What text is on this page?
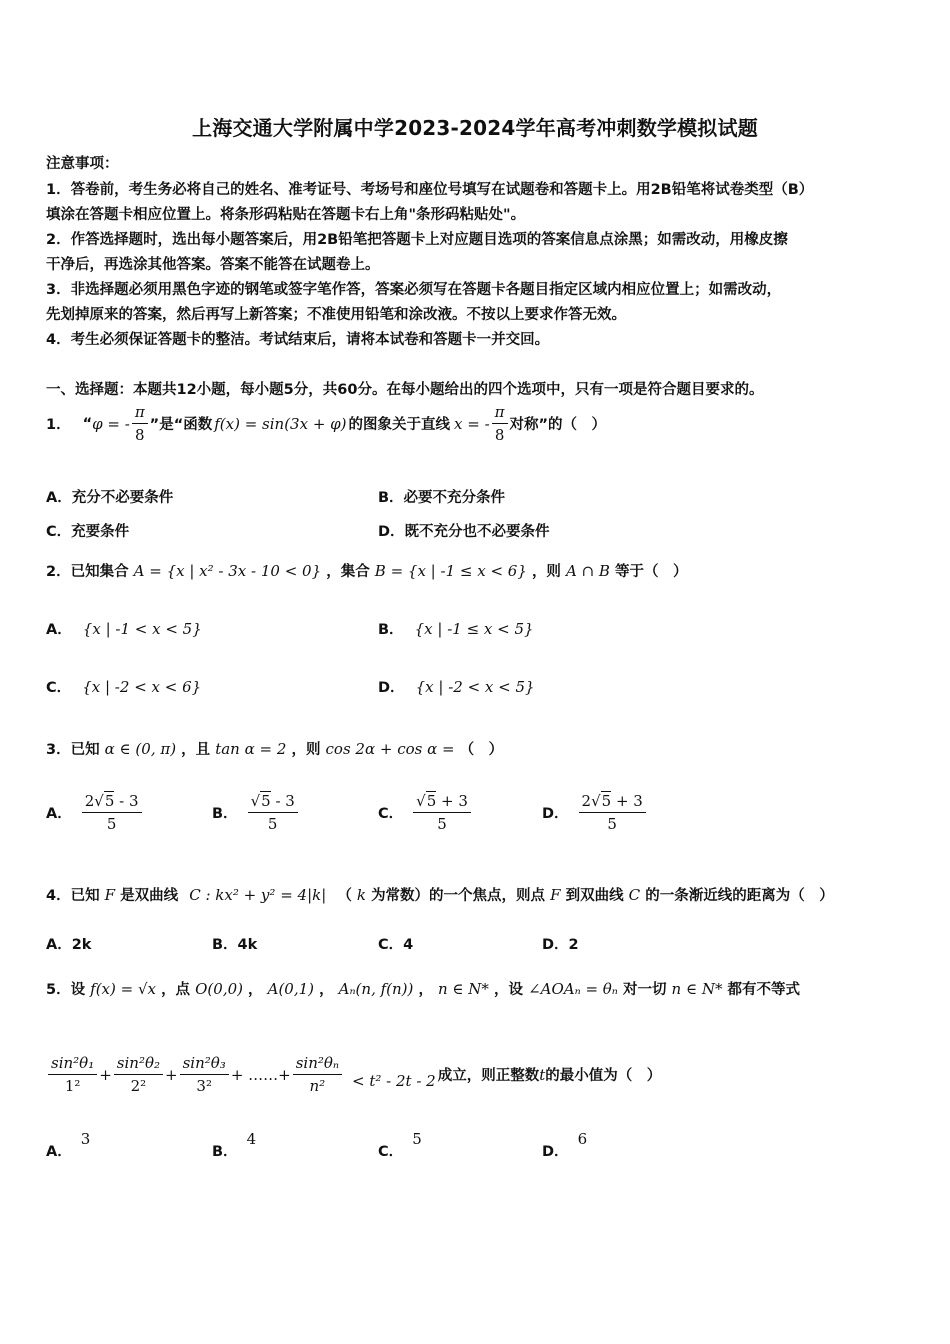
上海交通大学附属中学2023-2024学年高考冲刺数学模拟试题
注意事项：
1．答卷前，考生务必将自己的姓名、准考证号、考场号和座位号填写在试题卷和答题卡上。用2B铅笔将试卷类型（B）
填涂在答题卡相应位置上。将条形码粘贴在答题卡右上角"条形码粘贴处"。
2．作答选择题时，选出每小题答案后，用2B铅笔把答题卡上对应题目选项的答案信息点涂黑；如需改动，用橡皮擦
干净后，再选涂其他答案。答案不能答在试题卷上。
3．非选择题必须用黑色字迹的钢笔或签字笔作答，答案必须写在答题卡各题目指定区域内相应位置上；如需改动，
先划掉原来的答案，然后再写上新答案；不准使用铅笔和涂改液。不按以上要求作答无效。
4．考生必须保证答题卡的整洁。考试结束后，请将本试卷和答题卡一并交回。
一、选择题：本题共12小题，每小题5分，共60分。在每小题给出的四个选项中，只有一项是符合题目要求的。
1． “ φ = - $\frac{\pi}{8}$ ”是“函数 f(x) = sin(3x + φ) 的图象关于直线 x = - $\frac{\pi}{8}$ 对称”的（　）
A．充分不必要条件	B．必要不充分条件
C．充要条件	D．既不充分也不必要条件
2．已知集合 A = {x | x² - 3x - 10 < 0} ，集合 B = {x | -1 ≤ x < 6} ，则 A ∩ B 等于（　）
A． {x | -1 < x < 5}	B． {x | -1 ≤ x < 5}
C． {x | -2 < x < 6}	D． {x | -2 < x < 5}
3．已知 α ∈ (0, π) ，且 tan α = 2 ，则 cos 2α + cos α = （　）
A． $\frac{2√5 - 3}{5}$	B． $\frac{√5 - 3}{5}$	C． $\frac{√5 + 3}{5}$	D． $\frac{2√5 + 3}{5}$
4．已知 F 是双曲线 C : kx² + y² = 4|k| （ k 为常数）的一个焦点，则点 F 到双曲线 C 的一条渐近线的距离为（　）
A．2k	B．4k	C．4	D．2
5．设 f(x) = √x ，点 O(0,0) ， A(0,1) ， Aₙ(n, f(n)) ， n ∈ N* ，设 ∠AOAₙ = θₙ 对一切 n ∈ N* 都有不等式
$\frac{\text{sin²θ₁}}{\text{1²}} + \frac{\text{sin²θ₂}}{\text{2²}} + \frac{\text{sin²θ₃}}{\text{3²}}$ + ……+ $\frac{\text{sin²θₙ}}{\text{n²}} < t^2 - 2t - 2$ 成立，则正整数 t 的最小值为（　）
A． 3
B． 4
C． 5
D． 6
